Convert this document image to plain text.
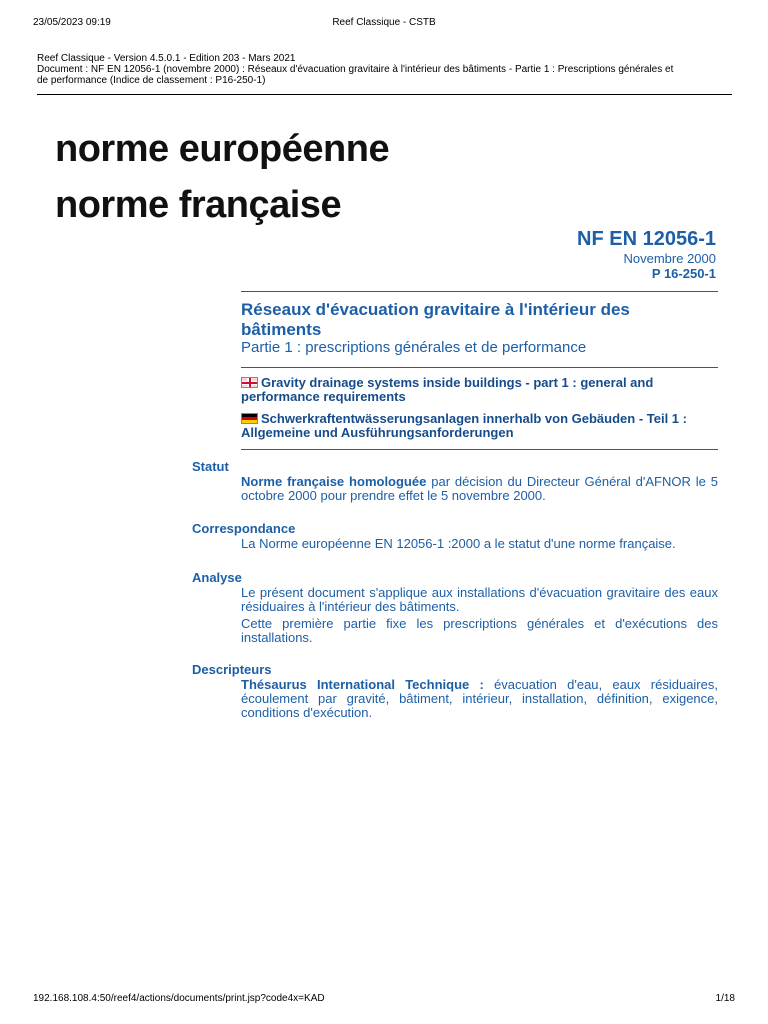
23/05/2023 09:19	Reef Classique - CSTB
Reef Classique - Version 4.5.0.1 - Edition 203 - Mars 2021
Document : NF EN 12056-1 (novembre 2000) : Réseaux d'évacuation gravitaire à l'intérieur des bâtiments - Partie 1 : Prescriptions générales et
de performance (Indice de classement : P16-250-1)
norme européenne
norme française
NF EN 12056-1
Novembre 2000
P 16-250-1
Réseaux d'évacuation gravitaire à l'intérieur des bâtiments
Partie 1 : prescriptions générales et de performance
Gravity drainage systems inside buildings - part 1 : general and performance requirements
Schwerkraftentwässerungsanlagen innerhalb von Gebäuden - Teil 1 : Allgemeine und Ausführungsanforderungen
Statut
Norme française homologuée par décision du Directeur Général d'AFNOR le 5 octobre 2000 pour prendre effet le 5 novembre 2000.
Correspondance
La Norme européenne EN 12056-1 :2000 a le statut d'une norme française.
Analyse

Le présent document s'applique aux installations d'évacuation gravitaire des eaux résiduaires à l'intérieur des bâtiments.

Cette première partie fixe les prescriptions générales et d'exécutions des installations.

Descripteurs
Thésaurus International Technique : évacuation d'eau, eaux résiduaires, écoulement par gravité, bâtiment, intérieur, installation, définition, exigence, conditions d'exécution.
192.168.108.4:50/reef4/actions/documents/print.jsp?code4x=KAD	1/18
